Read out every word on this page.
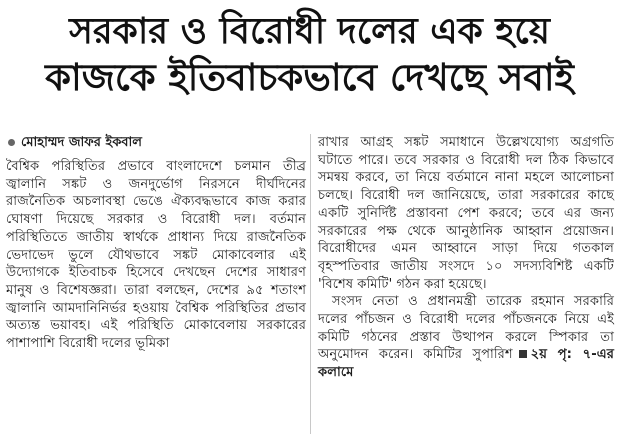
সরকার ও বিরোধী দলের এক হয়ে
কাজকে ইতিবাচকভাবে দেখছে সবাই
মোহাম্মদ জাফর ইকবাল

বৈশ্বিক পরিস্থিতির প্রভাবে বাংলাদেশে চলমান তীব্র জ্বালানি সঙ্কট ও জনদুর্ভোগ নিরসনে দীর্ঘদিনের রাজনৈতিক অচলাবস্থা ভেঙে ঐক্যবদ্ধভাবে কাজ করার ঘোষণা দিয়েছে সরকার ও বিরোধী দল। বর্তমান পরিস্থিতিতে জাতীয় স্বার্থকে প্রাধান্য দিয়ে রাজনৈতিক ভেদাভেদ ভুলে যৌথভাবে সঙ্কট মোকাবেলার এই উদ্যোগকে ইতিবাচক হিসেবে দেখছেন দেশের সাধারণ মানুষ ও বিশেষজ্ঞরা। তারা বলছেন, দেশের ৯৫ শতাংশ জ্বালানি আমদানিনির্ভর হওয়ায় বৈশ্বিক পরিস্থিতির প্রভাব অত্যন্ত ভয়াবহ। এই পরিস্থিতি মোকাবেলায় সরকারের পাশাপাশি বিরোধী দলের ভূমিকা

রাখার আগ্রহ সঙ্কট সমাধানে উল্লেখযোগ্য অগ্রগতি ঘটাতে পারে। তবে সরকার ও বিরোধী দল ঠিক কিভাবে সমন্বয় করবে, তা নিয়ে বর্তমানে নানা মহলে আলোচনা চলছে। বিরোধী দল জানিয়েছে, তারা সরকারের কাছে একটি সুনির্দিষ্ট প্রস্তাবনা পেশ করবে; তবে এর জন্য সরকারের পক্ষ থেকে আনুষ্ঠানিক আহ্বান প্রয়োজন। বিরোধীদের এমন আহ্বানে সাড়া দিয়ে গতকাল বৃহস্পতিবার জাতীয় সংসদে ১০ সদস্যবিশিষ্ট একটি 'বিশেষ কমিটি' গঠন করা হয়েছে।

সংসদ নেতা ও প্রধানমন্ত্রী তারেক রহমান সরকারি দলের পাঁচজন ও বিরোধী দলের পাঁচজনকে নিয়ে এই কমিটি গঠনের প্রস্তাব উত্থাপন করলে স্পিকার তা অনুমোদন করেন। কমিটির সুপারিশ ২য় পৃ: ৭-এর কলামে
